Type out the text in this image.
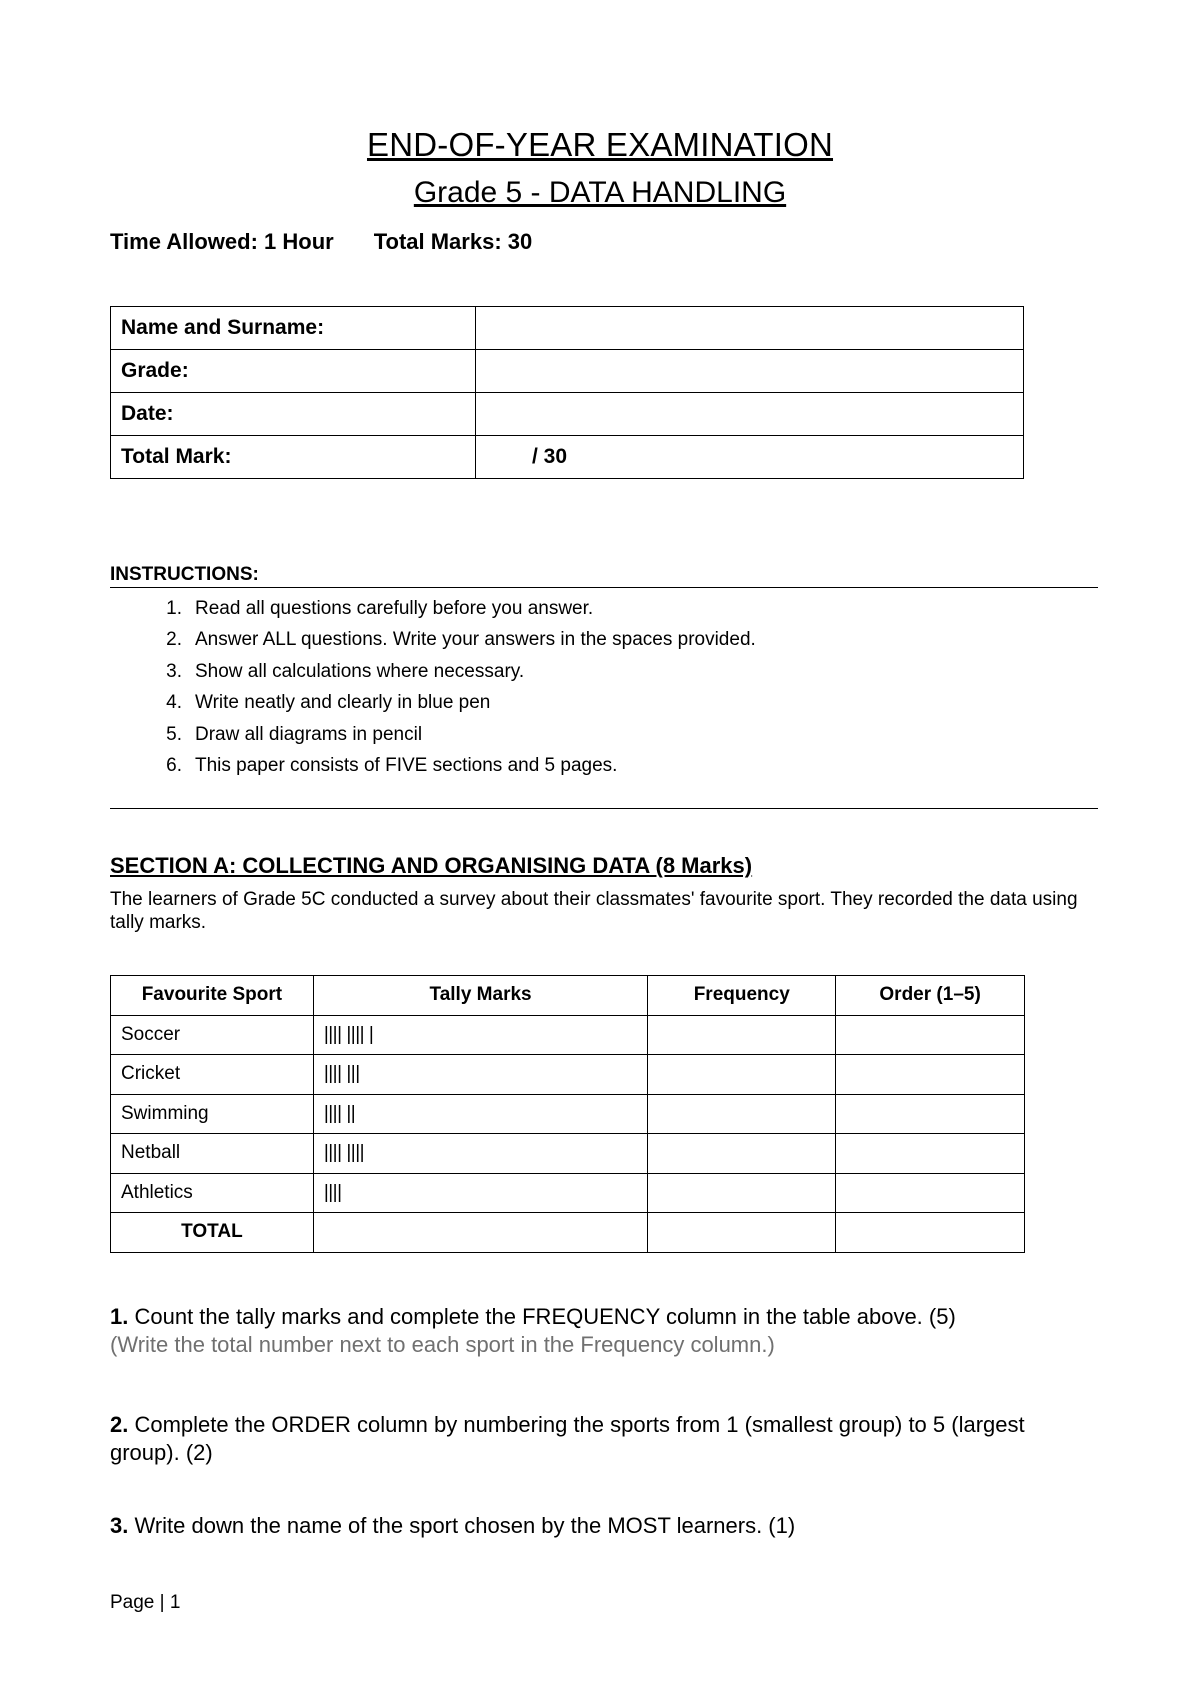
END-OF-YEAR EXAMINATION
Grade 5 - DATA HANDLING
Time Allowed: 1 Hour Total Marks: 30
Name and Surname:	
Grade:	
Date:	
Total Mark:	/ 30
INSTRUCTIONS:
1. Read all questions carefully before you answer.
2. Answer ALL questions. Write your answers in the spaces provided.
3. Show all calculations where necessary.
4. Write neatly and clearly in blue pen
5. Draw all diagrams in pencil
6. This paper consists of FIVE sections and 5 pages.
SECTION A: COLLECTING AND ORGANISING DATA (8 Marks)
The learners of Grade 5C conducted a survey about their classmates' favourite sport. They recorded the data using tally marks.
Favourite Sport	Tally Marks	Frequency	Order (1–5)
Soccer	|||| |||| |		
Cricket	|||| |||		
Swimming	|||| ||		
Netball	|||| ||||		
Athletics	||||		
TOTAL			
1. Count the tally marks and complete the FREQUENCY column in the table above. (5)
(Write the total number next to each sport in the Frequency column.)
2. Complete the ORDER column by numbering the sports from 1 (smallest group) to 5 (largest group). (2)
3. Write down the name of the sport chosen by the MOST learners. (1)
Page | 1
